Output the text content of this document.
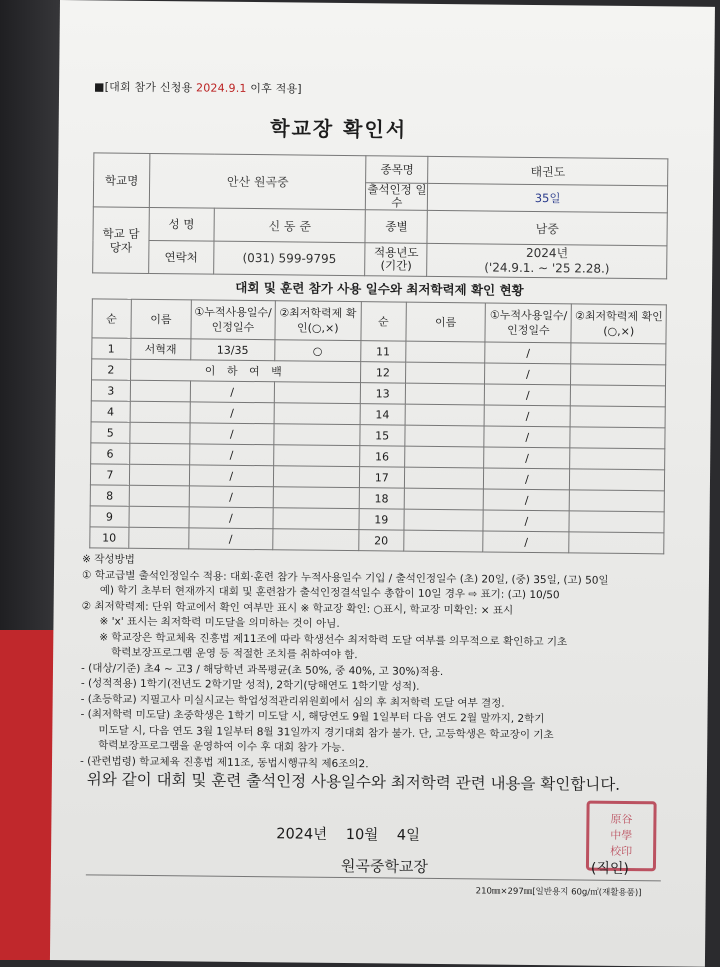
■[대회 참가 신청용 2024.9.1 이후 적용]
학교장 확인서
학교명	안산 원곡중		종목명	태권도
			출석인정 일수	35일
학교 담당자	성 명	신 동 준	종별	남중
	연락처	(031) 599-9795	적용년도 (기간)	2024년
('24.9.1. ~ '25 2.28.)
대회 및 훈련 참가 사용 일수와 최저학력제 확인 현황
순	이름	①누적사용일수/인정일수	②최저학력제 확인(○,×)	순	이름	①누적사용일수/인정일수	②최저학력제 확인(○,×)
1	서혁재	13/35	○	11		/	
2	이 하 여 백			12		/	
3		/		13		/	
4		/		14		/	
5		/		15		/	
6		/		16		/	
7		/		17		/	
8		/		18		/	
9		/		19		/	
10		/		20		/	

※ 작성방법

① 학교급별 출석인정일수 적용: 대회·훈련 참가 누적사용일수 기입 / 출석인정일수 (초) 20일, (중) 35일, (고) 50일

예) 학기 초부터 현재까지 대회 및 훈련참가 출석인정결석일수 총합이 10일 경우 ⇨ 표기: (고) 10/50

② 최저학력제: 단위 학교에서 확인 여부만 표시 ※ 학교장 확인: ○표시, 학교장 미확인: × 표시

※ 'x' 표시는 최저학력 미도달을 의미하는 것이 아님.

※ 학교장은 학교체육 진흥법 제11조에 따라 학생선수 최저학력 도달 여부를 의무적으로 확인하고 기초

학력보장프로그램 운영 등 적절한 조치를 취하여야 함.

- (대상/기준) 초4 ~ 고3 / 해당학년 과목평균(초 50%, 중 40%, 고 30%)적용.

- (성적적용) 1학기(전년도 2학기말 성적), 2학기(당해연도 1학기말 성적).

- (초등학교) 지필고사 미실시교는 학업성적관리위원회에서 심의 후 최저학력 도달 여부 결정.

- (최저학력 미도달) 초중학생은 1학기 미도달 시, 해당연도 9월 1일부터 다음 연도 2월 말까지, 2학기

미도달 시, 다음 연도 3월 1일부터 8월 31일까지 경기대회 참가 불가. 단, 고등학생은 학교장이 기초

학력보장프로그램을 운영하여 이수 후 대회 참가 가능.

- (관련법령) 학교체육 진흥법 제11조, 동법시행규칙 제6조의2.

위와 같이 대회 및 훈련 출석인정 사용일수와 최저학력 관련 내용을 확인합니다.
2024년 10월 4일
원곡중학교장
原谷
中學
校印
(직인)
210㎜×297㎜[일반용지 60g/㎡(재활용품)]
